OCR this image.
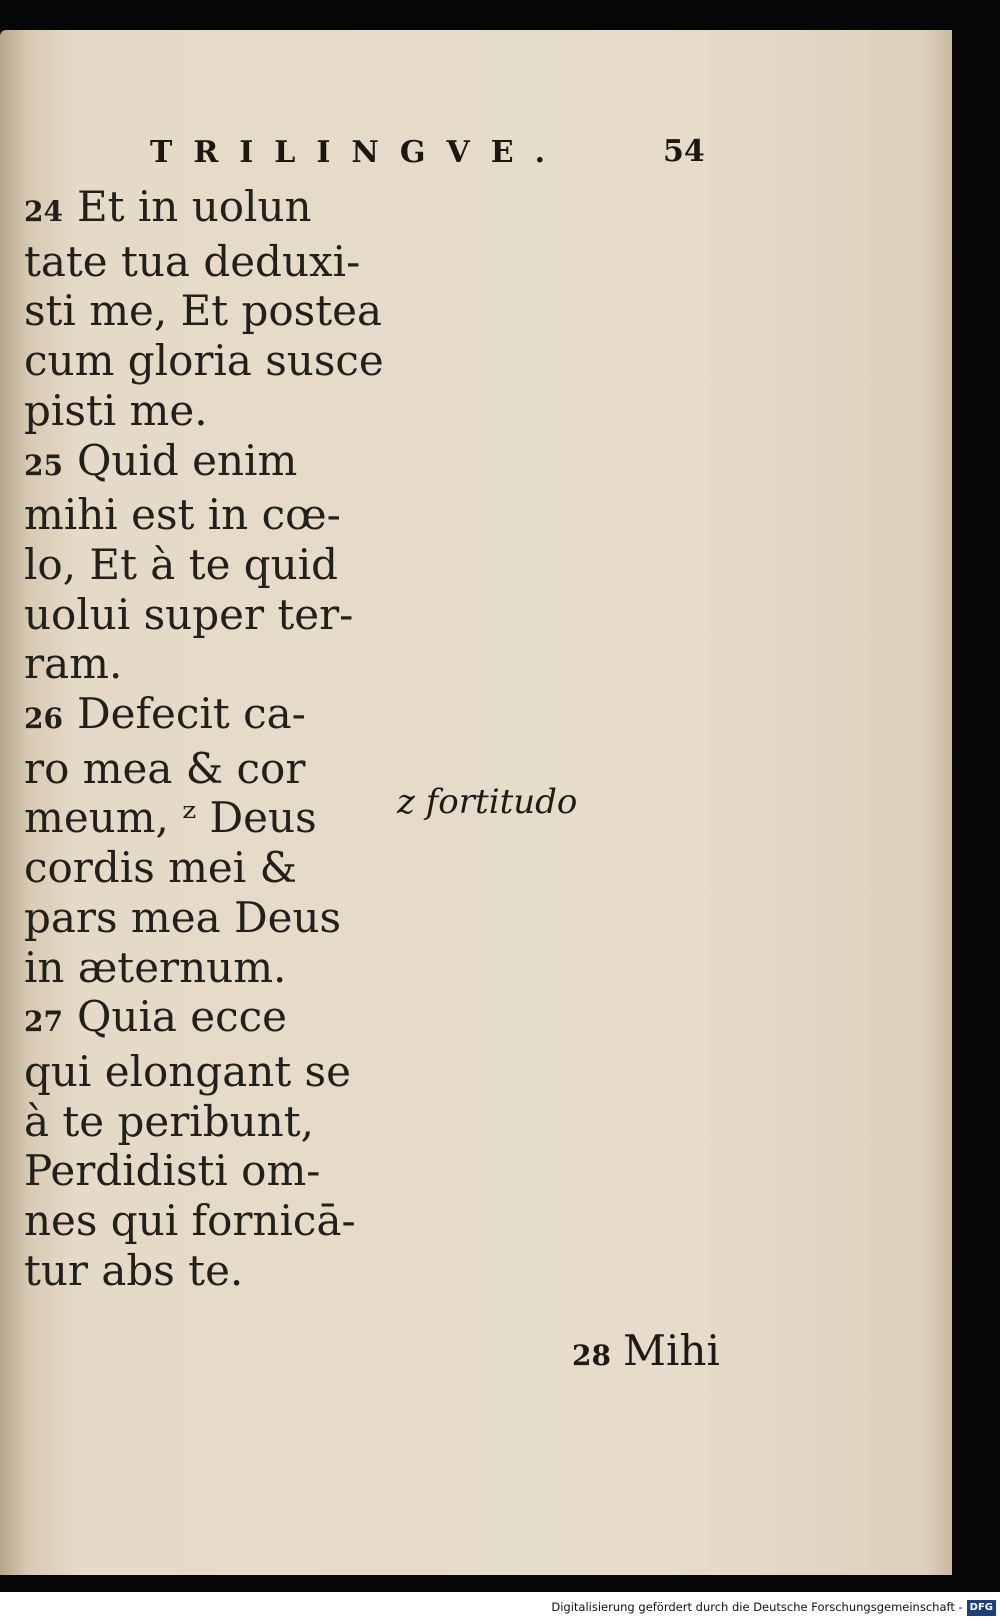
TRILINGVE.	54
24 Et in uolun
tate tua deduxi-
sti me, Et postea
cum gloria susce
pisti me.
25 Quid enim
mihi est in cœ-
lo, Et à te quid
uolui super ter-
ram.
26 Defecit ca-
ro mea & cor
meum, ᶻ Deus
cordis mei &
pars mea Deus
in æternum.
27 Quia ecce
qui elongant se
à te peribunt,
Perdidisti om-
nes qui fornicā-
tur abs te.
z fortitudo
28 Mihi
Digitalisierung gefördert durch die Deutsche Forschungsgemeinschaft - DFG
